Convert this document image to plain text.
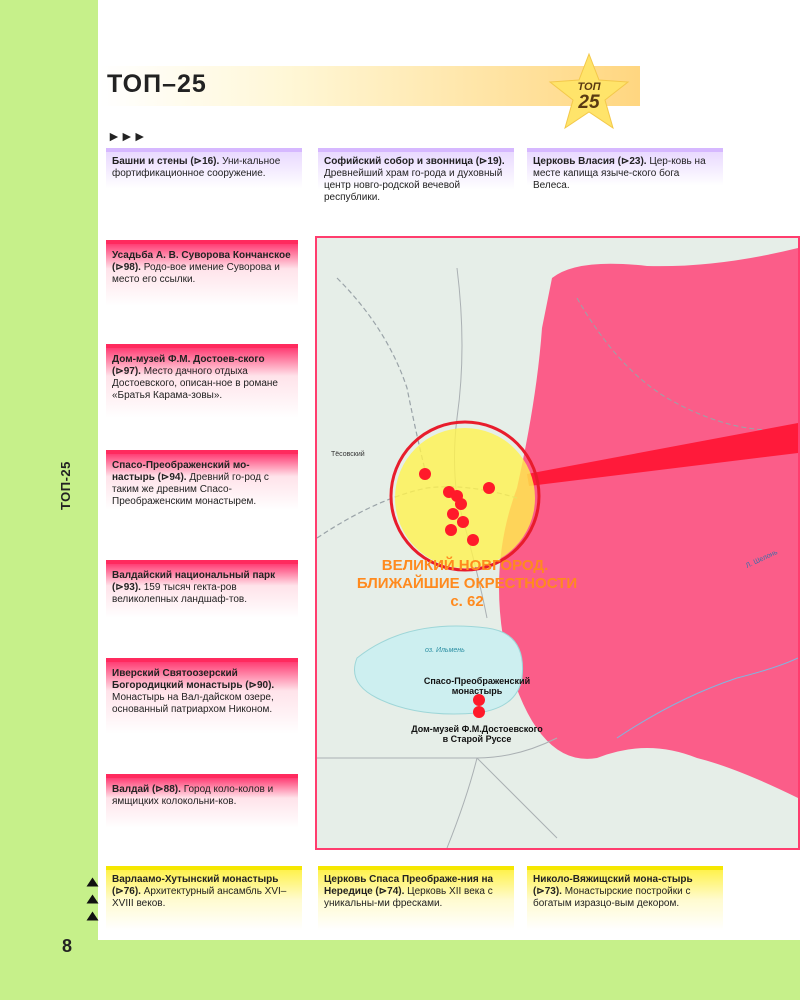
8
ТОП-25
ТОП–25	ТОП
25
►►►
Башни и стены (⊳16). Уни-кальное фортификационное сооружение.
Софийский собор и звонница (⊳19). Древнейший храм го-рода и духовный центр новго-родской вечевой республики.
Церковь Власия (⊳23). Цер-ковь на месте капища языче-ского бога Велеса.
Усадьба А. В. Суворова Кончанское (⊳98). Родо-вое имение Суворова и место его ссылки.
Дом-музей Ф.М. Достоев-ского (⊳97). Место дачного отдыха Достоевского, описан-ное в романе «Братья Карама-зовы».
Спасо-Преображенский мо-настырь (⊳94). Древний го-род с таким же древним Спасо-Преображенским монастырем.
Валдайский национальный парк (⊳93). 159 тысяч гекта-ров великолепных ландшаф-тов.
Иверский Святоозерский Богородицкий монастырь (⊳90). Монастырь на Вал-дайском озере, основанный патриархом Никоном.
Валдай (⊳88). Город коло-колов и ямщицких колокольни-ков.
Варлаамо-Хутынский монастырь (⊳76). Архитектурный ансамбль XVI–XVIII веков.
Церковь Спаса Преображе-ния на Нередице (⊳74). Церковь XII века с уникальны-ми фресками.
Николо-Вяжищский мона-стырь (⊳73). Монастырские постройки с богатым изразцо-вым декором.
Тёсовский
Л. Шелонь
оз. Ильмень
ВЕЛИКИЙ НОВГОРОД.
БЛИЖАЙШИЕ ОКРЕСТНОСТИ
с. 62
Спасо-Преображенский
монастырь
Дом-музей Ф.М.Достоевского
в Старой Руссе
